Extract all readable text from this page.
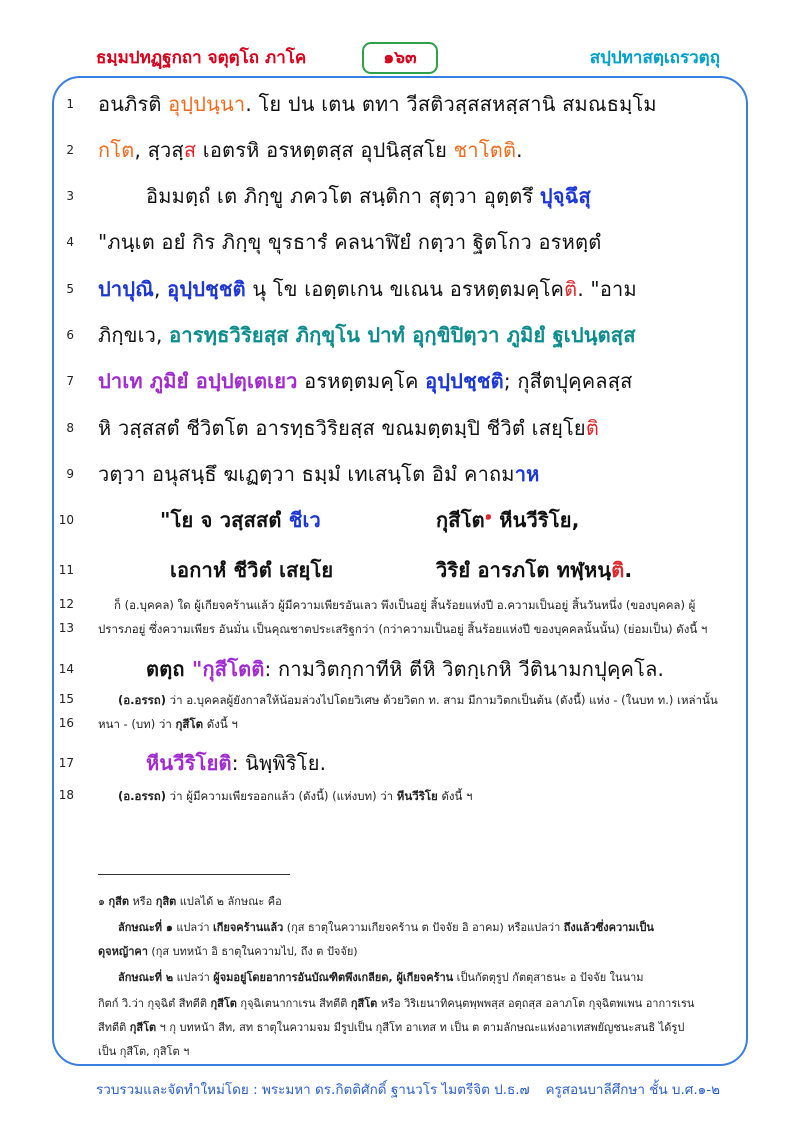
ธมฺมปทฏฺฐกถา จตุตฺโถ ภาโค	๑๖๓	สปฺปทาสตฺเถรวตฺถุ
1 อนภิรติ อุปฺปนฺนา. โย ปน เตน ตทา วีสติวสฺสสหสฺสานิ สมณธมฺโม
2 กโต, สฺวสฺส เอตรหิ อรหตฺตสฺส อุปนิสฺสโย ชาโตติ.
3	อิมมตฺถํ เต ภิกฺขู ภควโต สนฺติกา สุตฺวา อุตฺตรึ ปุจฺฉึสุ
4 "ภนฺเต อยํ กิร ภิกฺขุ ขุรธารํ คลนาฬิยํ กตฺวา ฐิตโกว อรหตฺตํ
5 ปาปุณิ, อุปฺปชฺชติ นุ โข เอตฺตเกน ขเณน อรหตฺตมคฺโคติ. "อาม
6 ภิกฺขเว, อารทฺธวิริยสฺส ภิกฺขุโน ปาทํ อุกฺขิปิตฺวา ภูมิยํ ฐเปนฺตสฺส
7 ปาเท ภูมิยํ อปฺปตฺเตเยว อรหตฺตมคฺโค อุปฺปชฺชติ; กุสีตปุคฺคลสฺส
8 หิ วสฺสสตํ ชีวิตโต อารทฺธวิริยสฺส ขณมตฺตมฺปิ ชีวิตํ เสยฺโยติ
9 วตฺวา อนุสนฺธึ ฆเฏตฺวา ธมฺมํ เทเสนฺโต อิมํ คาถมาห
10	"โย จ วสฺสสตํ ชีเว	กุสีโต$^๑$ หีนวีริโย,
11	เอกาหํ ชีวิตํ เสยฺโย	วิริยํ อารภโต ทฬฺหนฺติ.
12	ก็ (อ.บุคคล) ใด ผู้เกียจคร้านแล้ว ผู้มีความเพียรอันเลว พึงเป็นอยู่ สิ้นร้อยแห่งปี อ.ความเป็นอยู่ สิ้นวันหนึ่ง (ของบุคคล) ผู้
13 ปรารภอยู่ ซึ่งความเพียร อันมั่น เป็นคุณชาตประเสริฐกว่า (กว่าความเป็นอยู่ สิ้นร้อยแห่งปี ของบุคคลนั้นนั้น) (ย่อมเป็น) ดังนี้ ฯ
14	ตตฺถ "กุสีโตติ: กามวิตกฺกาทีหิ ตีหิ วิตกฺเกหิ วีตินามกปุคฺคโล.
15	(อ.อรรถ) ว่า อ.บุคคลผู้ยังกาลให้น้อมล่วงไปโดยวิเศษ ด้วยวิตก ท. สาม มีกามวิตกเป็นต้น (ดังนี้) แห่ง - (ในบท ท.) เหล่านั้น
16 หนา - (บท) ว่า กุสีโต ดังนี้ ฯ
17	หีนวีริโยติ: นิพฺพิริโย.
18	(อ.อรรถ) ว่า ผู้มีความเพียรออกแล้ว (ดังนี้) (แห่งบท) ว่า หีนวีริโย ดังนี้ ฯ
๑ กุสีต หรือ กุสิต แปลได้ ๒ ลักษณะ คือ
ลักษณะที่ ๑ แปลว่า เกียจคร้านแล้ว (กุส ธาตุในความเกียจคร้าน ต ปัจจัย อิ อาคม) หรือแปลว่า ถึงแล้วซึ่งความเป็น
ดุจหญ้าคา (กุส บทหน้า อิ ธาตุในความไป, ถึง ต ปัจจัย)
ลักษณะที่ ๒ แปลว่า ผู้จมอยู่โดยอาการอันบัณฑิตพึงเกลียด, ผู้เกียจคร้าน เป็นกัตตุรูป กัตตุสาธนะ อ ปัจจัย ในนาม
กิตก์ วิ.ว่า กุจฺฉิตํ สีทตีติ กุสีโต กุจฺฉิเตนากาเรน สีทตีติ กุสีโต หรือ วิริเยนาทิคนฺตพฺพพสฺส อตฺถสฺส อลาภโต กุจฺฉิตพเพน อาการเรน
สีทตีติ กุสีโต ฯ กุ บทหน้า สีท, สท ธาตุในความจม มีรูปเป็น กุสีโท อาเทส ท เป็น ต ตามลักษณะแห่งอาเทสพยัญชนะสนธิ ได้รูป
เป็น กุสีโต, กุสิโต ฯ
รวบรวมและจัดทำใหม่โดย : พระมหา ดร.กิตติศักดิ์ ฐานวโร ไมตรีจิต ป.ธ.๗ ครูสอนบาลีศึกษา ชั้น บ.ศ.๑-๒
